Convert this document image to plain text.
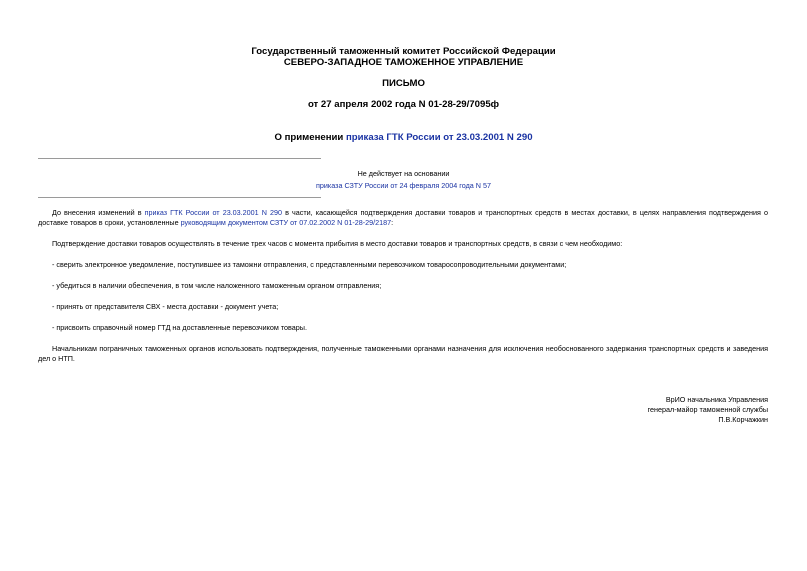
Государственный таможенный комитет Российской Федерации
СЕВЕРО-ЗАПАДНОЕ ТАМОЖЕННОЕ УПРАВЛЕНИЕ
ПИСЬМО
от 27 апреля 2002 года N 01-28-29/7095ф
О применении приказа ГТК России от 23.03.2001 N 290
Не действует на основании
приказа СЗТУ России от 24 февраля 2004 года N 57
До внесения изменений в приказ ГТК России от 23.03.2001 N 290 в части, касающейся подтверждения доставки товаров и транспортных средств в местах доставки, в целях направления подтверждения о доставке товаров в сроки, установленные руководящим документом СЗТУ от 07.02.2002 N 01-28-29/2187:
Подтверждение доставки товаров осуществлять в течение трех часов с момента прибытия в место доставки товаров и транспортных средств, в связи с чем необходимо:
- сверить электронное уведомление, поступившее из таможни отправления, с представленными перевозчиком товаросопроводительными документами;
- убедиться в наличии обеспечения, в том числе наложенного таможенным органом отправления;
- принять от представителя СВХ - места доставки - документ учета;
- присвоить справочный номер ГТД на доставленные перевозчиком товары.
Начальникам пограничных таможенных органов использовать подтверждения, полученные таможенными органами назначения для исключения необоснованного задержания транспортных средств и заведения дел о НТП.
ВрИО начальника Управления
генерал-майор таможенной службы
П.В.Корчажкин
